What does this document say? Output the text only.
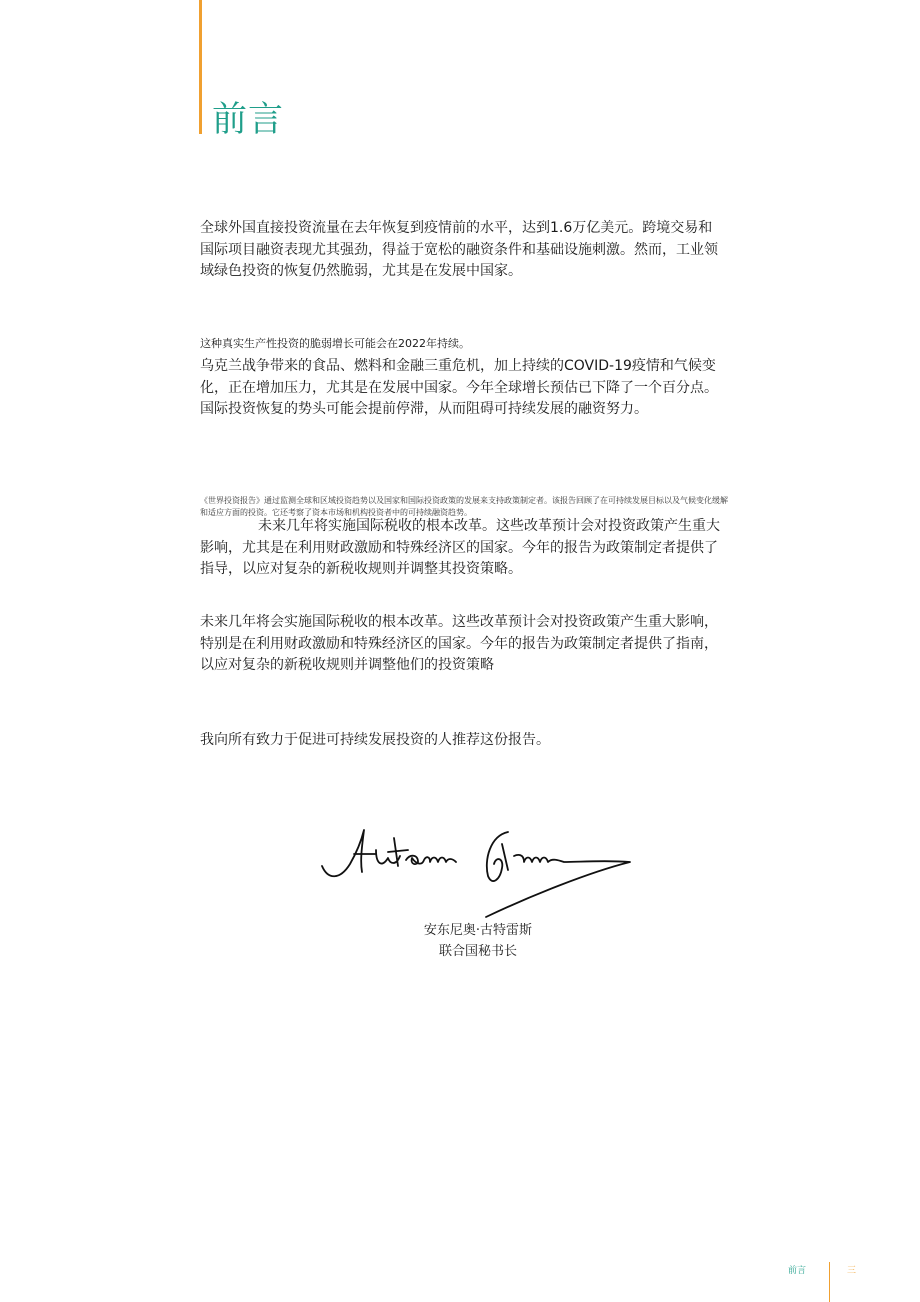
前言

全球外国直接投资流量在去年恢复到疫情前的水平，达到1.6万亿美元。跨境交易和国际项目融资表现尤其强劲，得益于宽松的融资条件和基础设施刺激。然而，工业领域绿色投资的恢复仍然脆弱，尤其是在发展中国家。

这种真实生产性投资的脆弱增长可能会在2022年持续。

乌克兰战争带来的食品、燃料和金融三重危机，加上持续的COVID-19疫情和气候变化，正在增加压力，尤其是在发展中国家。今年全球增长预估已下降了一个百分点。国际投资恢复的势头可能会提前停滞，从而阻碍可持续发展的融资努力。

《世界投资报告》通过监测全球和区域投资趋势以及国家和国际投资政策的发展来支持政策制定者。该报告回顾了在可持续发展目标以及气候变化缓解和适应方面的投资。它还考察了资本市场和机构投资者中的可持续融资趋势。

未来几年将实施国际税收的根本改革。这些改革预计会对投资政策产生重大影响，尤其是在利用财政激励和特殊经济区的国家。今年的报告为政策制定者提供了指导，以应对复杂的新税收规则并调整其投资策略。

未来几年将会实施国际税收的根本改革。这些改革预计会对投资政策产生重大影响，特别是在利用财政激励和特殊经济区的国家。今年的报告为政策制定者提供了指南，以应对复杂的新税收规则并调整他们的投资策略

我向所有致力于促进可持续发展投资的人推荐这份报告。

安东尼奥·古特雷斯
联合国秘书长

前言	三
